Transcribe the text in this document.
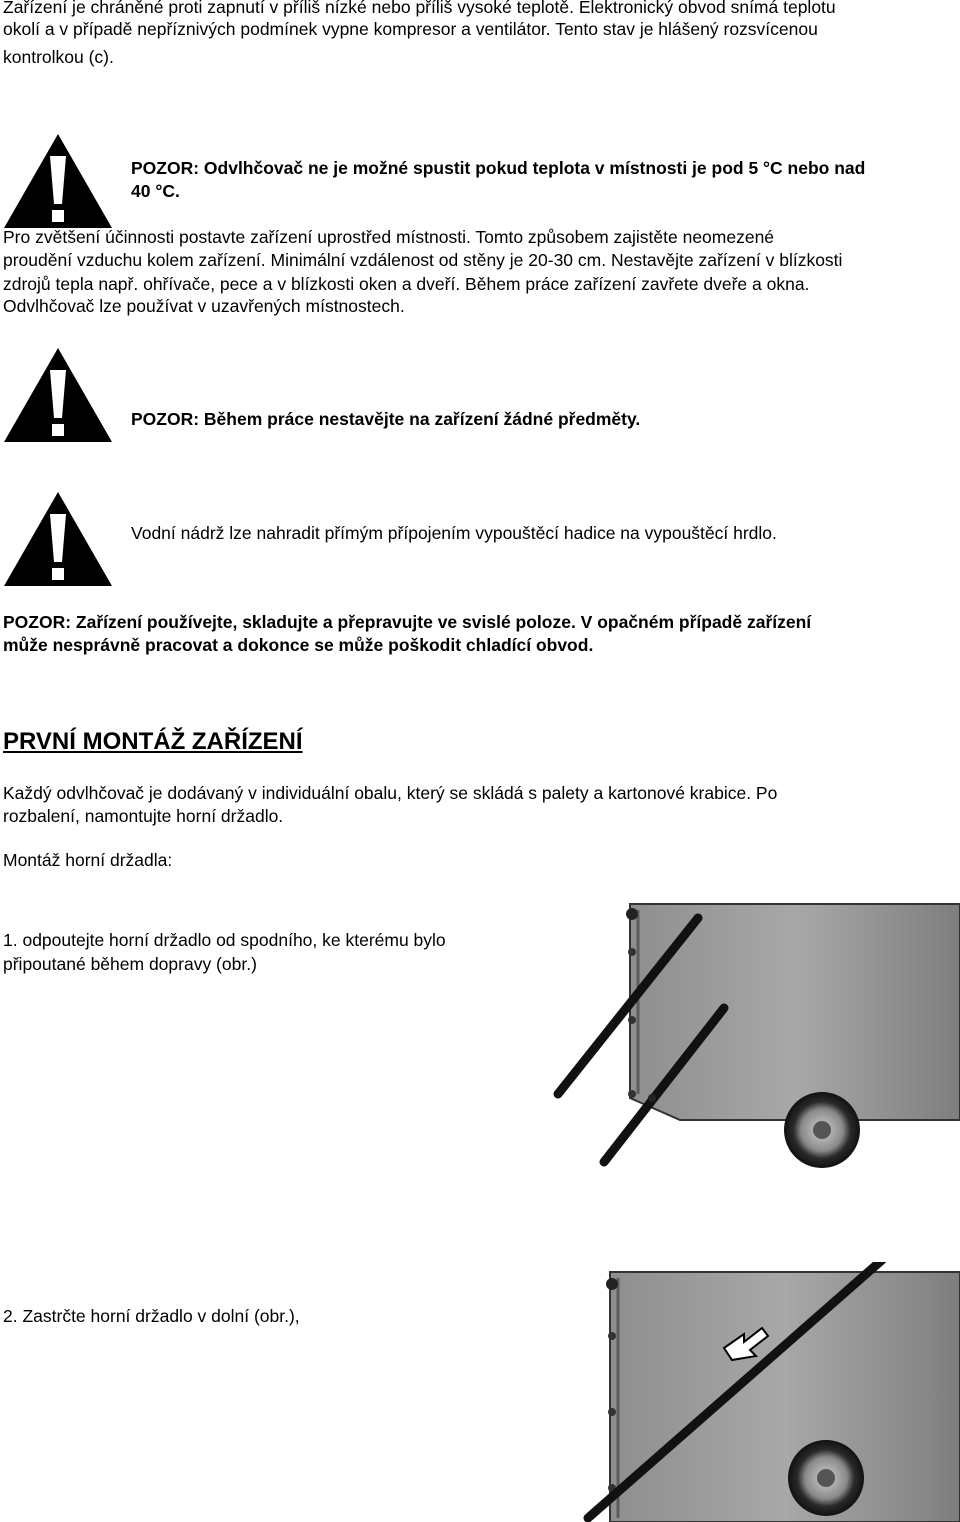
Zařízení je chráněné proti zapnutí v příliš nízké nebo příliš vysoké teplotě. Elektronický obvod snímá teplotu
okolí a v případě nepříznivých podmínek vypne kompresor a ventilátor. Tento stav je hlášený rozsvícenou
kontrolkou (c).
POZOR: Odvlhčovač ne je možné spustit pokud teplota v místnosti je pod 5 °C nebo nad
40 °C.
Pro zvětšení účinnosti postavte zařízení uprostřed místnosti. Tomto způsobem zajistěte neomezené
proudění vzduchu kolem zařízení. Minimální vzdálenost od stěny je 20-30 cm. Nestavějte zařízení v blízkosti
zdrojů tepla např. ohřívače, pece a v blízkosti oken a dveří. Během práce zařízení zavřete dveře a okna.
Odvlhčovač lze používat v uzavřených místnostech.
POZOR: Během práce nestavějte na zařízení žádné předměty.
Vodní nádrž lze nahradit přímým přípojením vypouštěcí hadice na vypouštěcí hrdlo.
POZOR: Zařízení používejte, skladujte a přepravujte ve svislé poloze. V opačném případě zařízení
může nesprávně pracovat a dokonce se může poškodit chladící obvod.
PRVNÍ MONTÁŽ ZAŘÍZENÍ
Každý odvlhčovač je dodávaný v individuální obalu, který se skládá s palety a kartonové krabice. Po
rozbalení, namontujte horní držadlo.
Montáž horní držadla:
1. odpoutejte horní držadlo od spodního, ke kterému bylo
připoutané během dopravy (obr.)
2. Zastrčte horní držadlo v dolní (obr.),
